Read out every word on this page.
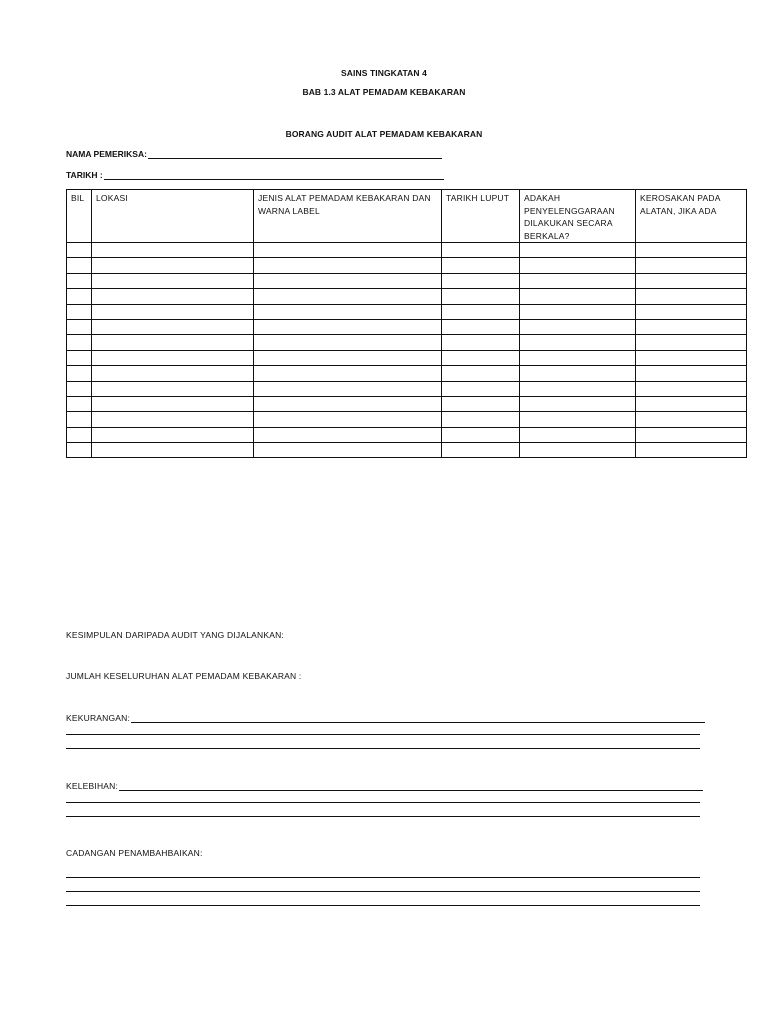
SAINS TINGKATAN 4
BAB 1.3 ALAT PEMADAM KEBAKARAN
BORANG AUDIT ALAT PEMADAM KEBAKARAN
NAMA PEMERIKSA:
TARIKH :
BIL	LOKASI	JENIS ALAT PEMADAM KEBAKARAN DAN WARNA LABEL	TARIKH LUPUT	ADAKAH PENYELENGGARAAN DILAKUKAN SECARA BERKALA?	KEROSAKAN PADA ALATAN, JIKA ADA

KESIMPULAN DARIPADA AUDIT YANG DIJALANKAN:
JUMLAH KESELURUHAN ALAT PEMADAM KEBAKARAN :
KEKURANGAN:
KELEBIHAN:
CADANGAN PENAMBAHBAIKAN:
